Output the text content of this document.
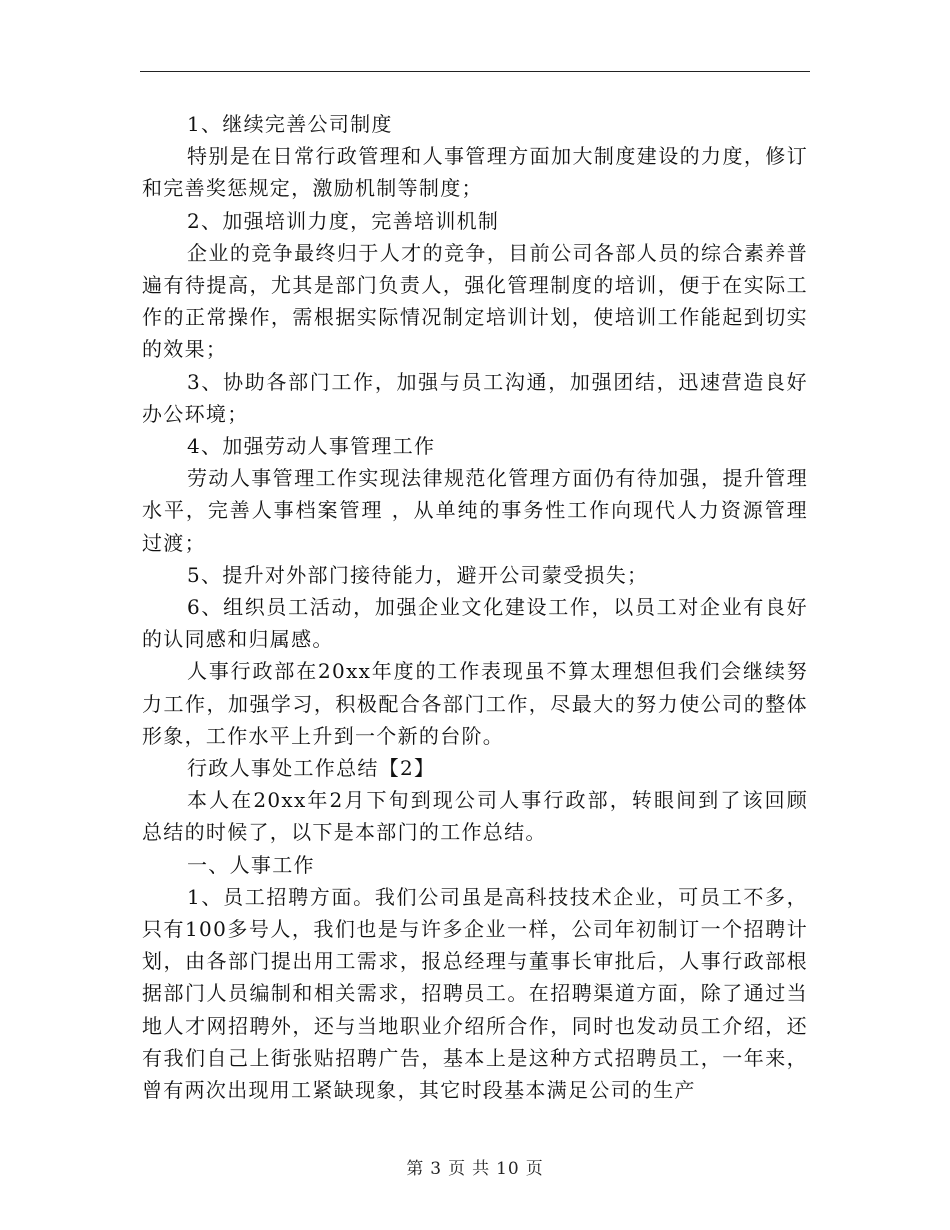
1、继续完善公司制度

特别是在日常行政管理和人事管理方面加大制度建设的力度，修订和完善奖惩规定，激励机制等制度；

2、加强培训力度，完善培训机制

企业的竞争最终归于人才的竞争，目前公司各部人员的综合素养普遍有待提高，尤其是部门负责人，强化管理制度的培训，便于在实际工作的正常操作，需根据实际情况制定培训计划，使培训工作能起到切实的效果；

3、协助各部门工作，加强与员工沟通，加强团结，迅速营造良好办公环境；

4、加强劳动人事管理工作

劳动人事管理工作实现法律规范化管理方面仍有待加强，提升管理水平，完善人事档案管理 ，从单纯的事务性工作向现代人力资源管理过渡；

5、提升对外部门接待能力，避开公司蒙受损失；

6、组织员工活动，加强企业文化建设工作，以员工对企业有良好的认同感和归属感。

人事行政部在20xx年度的工作表现虽不算太理想但我们会继续努力工作，加强学习，积极配合各部门工作，尽最大的努力使公司的整体形象，工作水平上升到一个新的台阶。

行政人事处工作总结【2】

本人在20xx年2月下旬到现公司人事行政部，转眼间到了该回顾总结的时候了，以下是本部门的工作总结。

一、人事工作

1、员工招聘方面。我们公司虽是高科技技术企业，可员工不多，只有100多号人，我们也是与许多企业一样，公司年初制订一个招聘计划，由各部门提出用工需求，报总经理与董事长审批后，人事行政部根据部门人员编制和相关需求，招聘员工。在招聘渠道方面，除了通过当地人才网招聘外，还与当地职业介绍所合作，同时也发动员工介绍，还有我们自己上街张贴招聘广告，基本上是这种方式招聘员工，一年来，曾有两次出现用工紧缺现象，其它时段基本满足公司的生产

第 3 页 共 10 页
